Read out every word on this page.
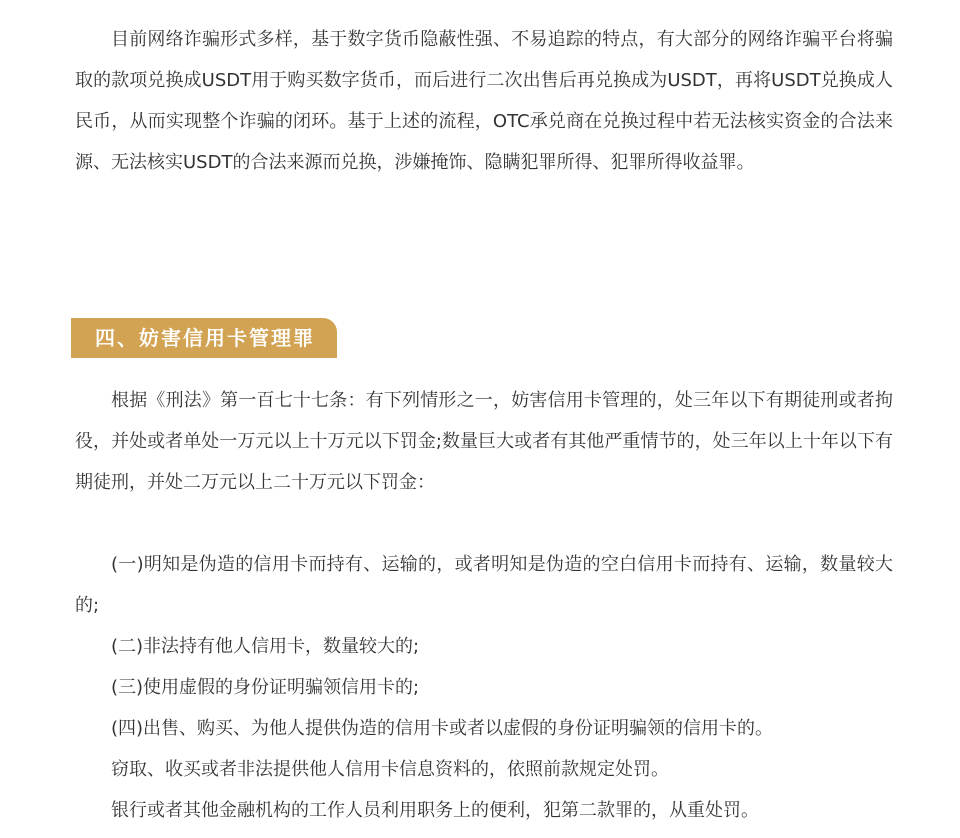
目前网络诈骗形式多样，基于数字货币隐蔽性强、不易追踪的特点，有大部分的网络诈骗平台将骗取的款项兑换成USDT用于购买数字货币，而后进行二次出售后再兑换成为USDT，再将USDT兑换成人民币，从而实现整个诈骗的闭环。基于上述的流程，OTC承兑商在兑换过程中若无法核实资金的合法来源、无法核实USDT的合法来源而兑换，涉嫌掩饰、隐瞒犯罪所得、犯罪所得收益罪。

四、妨害信用卡管理罪

根据《刑法》第一百七十七条：有下列情形之一，妨害信用卡管理的，处三年以下有期徒刑或者拘役，并处或者单处一万元以上十万元以下罚金;数量巨大或者有其他严重情节的，处三年以上十年以下有期徒刑，并处二万元以上二十万元以下罚金：

(一)明知是伪造的信用卡而持有、运输的，或者明知是伪造的空白信用卡而持有、运输，数量较大的;

(二)非法持有他人信用卡，数量较大的;

(三)使用虚假的身份证明骗领信用卡的;

(四)出售、购买、为他人提供伪造的信用卡或者以虚假的身份证明骗领的信用卡的。

窃取、收买或者非法提供他人信用卡信息资料的，依照前款规定处罚。

银行或者其他金融机构的工作人员利用职务上的便利，犯第二款罪的，从重处罚。
